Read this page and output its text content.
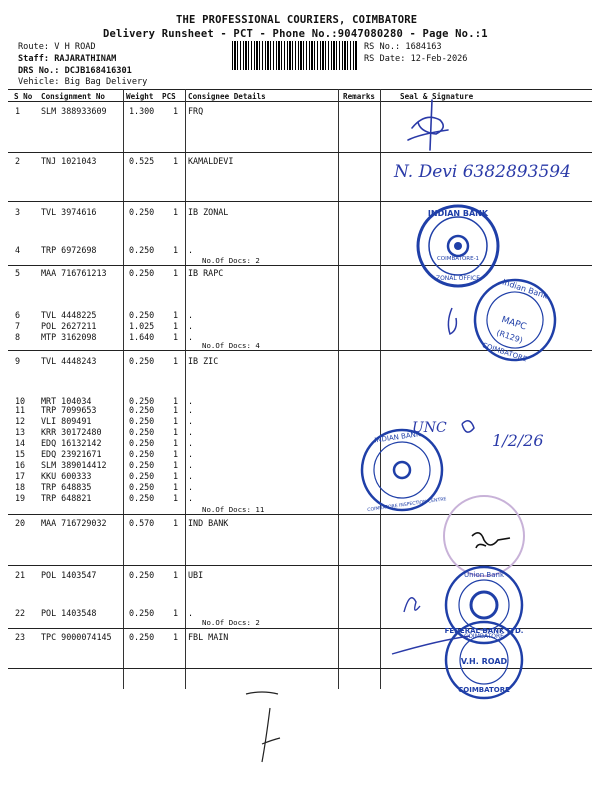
THE PROFESSIONAL COURIERS, COIMBATORE
Delivery Runsheet - PCT - Phone No.:9047080280 - Page No.:1
Route: V H ROAD
Staff: RAJARATHINAM
DRS No.: DCJB168416301
Vehicle: Big Bag Delivery
RS No.: 1684163
RS Date: 12-Feb-2026
S No Consignment No	Weight PCS Consignee Details	Remarks	Seal & Signature
1 SLM 388933609	1.300 1 FRQ
2 TNJ 1021043	0.525 1 KAMALDEVI
3 TVL 3974616	0.250 1 IB ZONAL
4 TRP 6972698	0.250 1 .
5 MAA 716761213	0.250 1 IB RAPC
6 TVL 4448225	0.250 1 .
7 POL 2627211	1.025 1 .
8 MTP 3162098	1.640 1 .
9 TVL 4448243	0.250 1 IB ZIC
10 MRT 104034	0.250 1 .
11 TRP 7099653	0.250 1 .
12 VLI 809491	0.250 1 .
13 KRR 30172480	0.250 1 .
14 EDQ 16132142	0.250 1 .
15 EDQ 23921671	0.250 1 .
16 SLM 389014412	0.250 1 .
17 KKU 600333	0.250 1 .
18 TRP 648835	0.250 1 .
19 TRP 648821	0.250 1 .
20 MAA 716729032	0.570 1 IND BANK
21 POL 1403547	0.250 1 UBI
22 POL 1403548	0.250 1 .
23 TPC 9000074145 0.250 1 FBL MAIN
No.Of Docs: 2
No.Of Docs: 4
No.Of Docs: 11
No.Of Docs: 2
N. Devi 6382893594
INDIAN BANK
COIMBATORE-1
ZONAL OFFICE	Indian Bank
MAPC
(R129)
COIMBATORE
INDIAN BANK
COIMBATORE INSPECTION CENTRE
UNC
1/2/26
Union Bank
COIMBATORE
FEDERAL BANK LTD.
V.H. ROAD
COIMBATORE
